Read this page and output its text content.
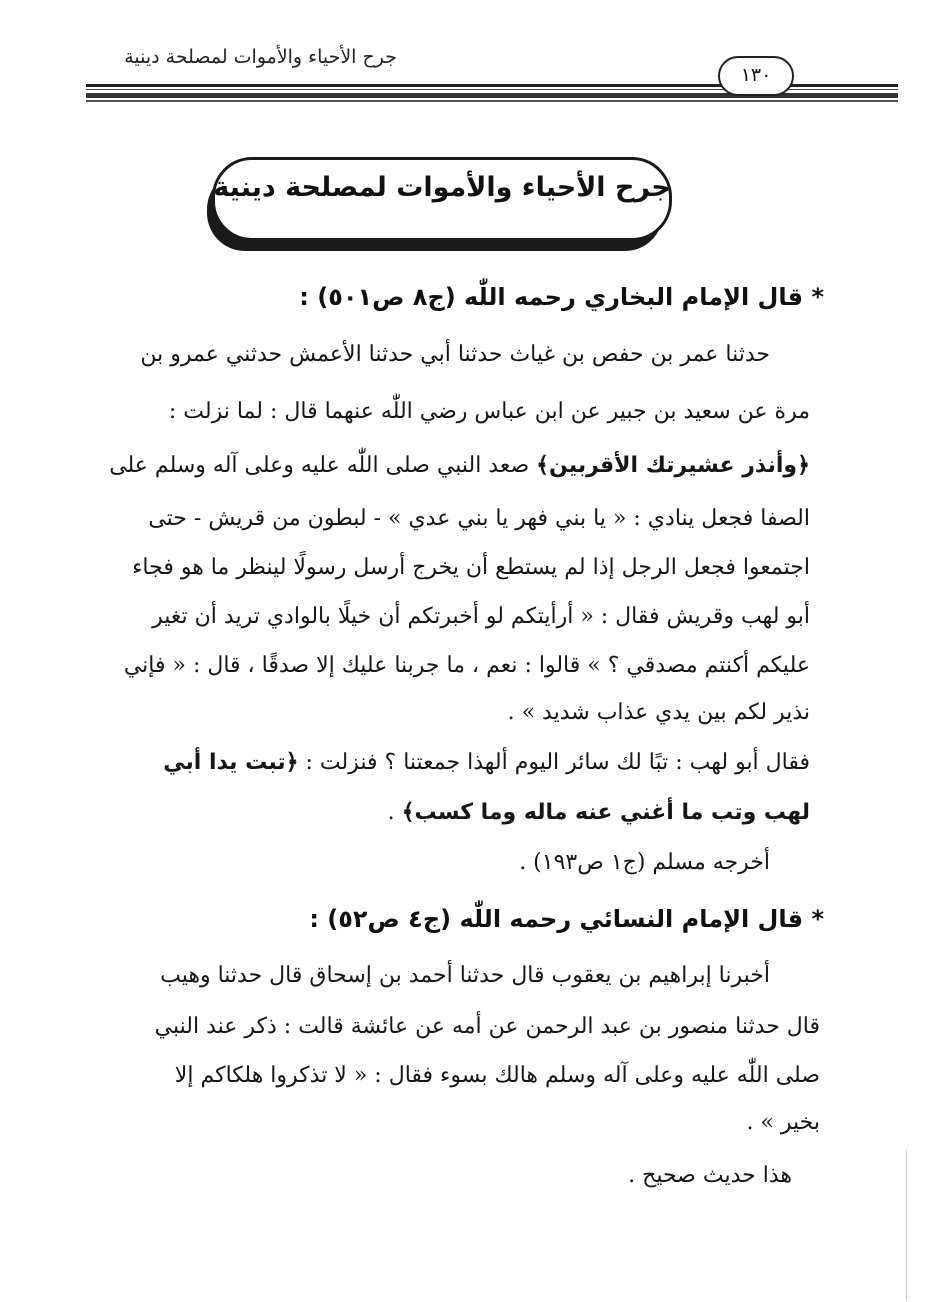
جرح الأحياء والأموات لمصلحة دينية
١٣٠
جرح الأحياء والأموات لمصلحة دينية
* قال الإمام البخاري رحمه اللّٰه (ج٨ ص٥٠١) :
حدثنا عمر بن حفص بن غياث حدثنا أبي حدثنا الأعمش حدثني عمرو بن
مرة عن سعيد بن جبير عن ابن عباس رضي اللّٰه عنهما قال : لما نزلت :
﴿وأنذر عشيرتك الأقربين﴾ صعد النبي صلى اللّٰه عليه وعلى آله وسلم على
الصفا فجعل ينادي : « يا بني فهر يا بني عدي » - لبطون من قريش - حتى
اجتمعوا فجعل الرجل إذا لم يستطع أن يخرج أرسل رسولًا لينظر ما هو فجاء
أبو لهب وقريش فقال : « أرأيتكم لو أخبرتكم أن خيلًا بالوادي تريد أن تغير
عليكم أكنتم مصدقي ؟ » قالوا : نعم ، ما جربنا عليك إلا صدقًا ، قال : « فإني
نذير لكم بين يدي عذاب شديد » .
فقال أبو لهب : تبًا لك سائر اليوم ألهذا جمعتنا ؟ فنزلت : ﴿تبت يدا أبي
لهب وتب ما أغني عنه ماله وما كسب﴾ .
أخرجه مسلم (ج١ ص١٩٣) .
* قال الإمام النسائي رحمه اللّٰه (ج٤ ص٥٢) :
أخبرنا إبراهيم بن يعقوب قال حدثنا أحمد بن إسحاق قال حدثنا وهيب
قال حدثنا منصور بن عبد الرحمن عن أمه عن عائشة قالت : ذكر عند النبي
صلى اللّٰه عليه وعلى آله وسلم هالك بسوء فقال : « لا تذكروا هلكاكم إلا
بخير » .
هذا حديث صحيح .
